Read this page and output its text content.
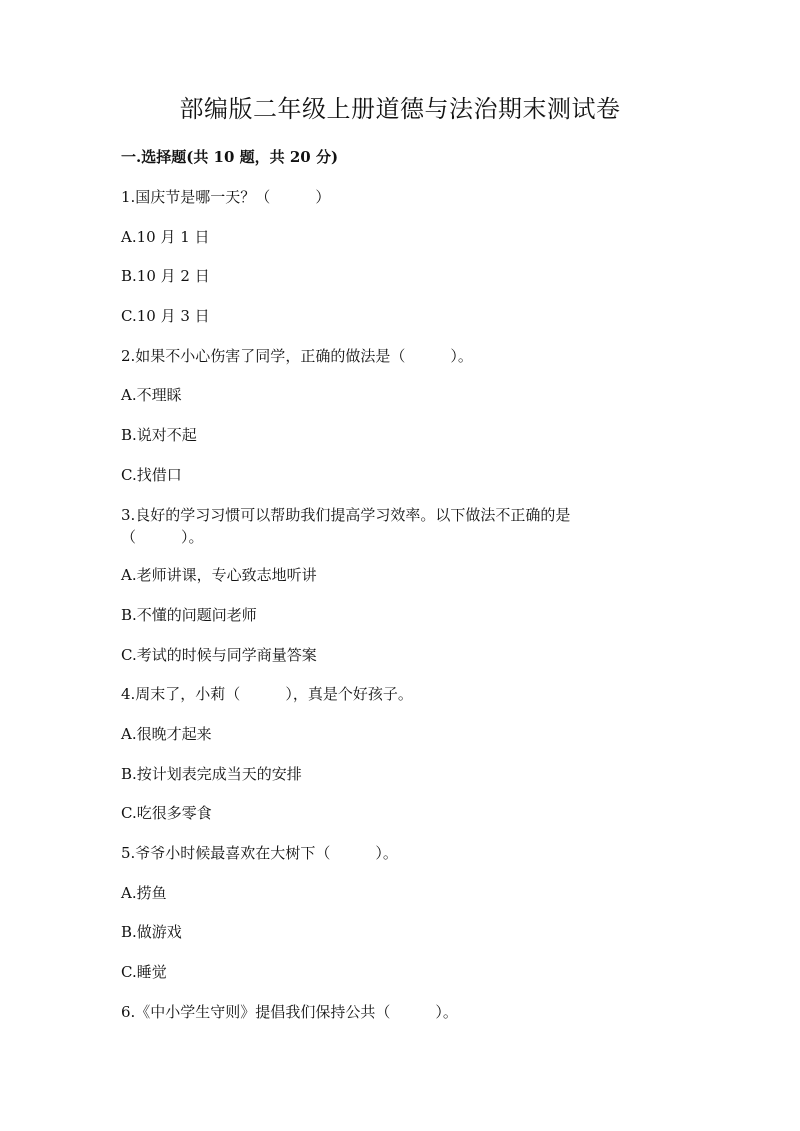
部编版二年级上册道德与法治期末测试卷
一.选择题(共 10 题，共 20 分)
1.国庆节是哪一天？（　　　）
A.10 月 1 日
B.10 月 2 日
C.10 月 3 日
2.如果不小心伤害了同学，正确的做法是（　　　）。
A.不理睬
B.说对不起
C.找借口
3.良好的学习习惯可以帮助我们提高学习效率。以下做法不正确的是
（　　　）。
A.老师讲课，专心致志地听讲
B.不懂的问题问老师
C.考试的时候与同学商量答案
4.周末了，小莉（　　　），真是个好孩子。
A.很晚才起来
B.按计划表完成当天的安排
C.吃很多零食
5.爷爷小时候最喜欢在大树下（　　　）。
A.捞鱼
B.做游戏
C.睡觉
6.《中小学生守则》提倡我们保持公共（　　　）。
